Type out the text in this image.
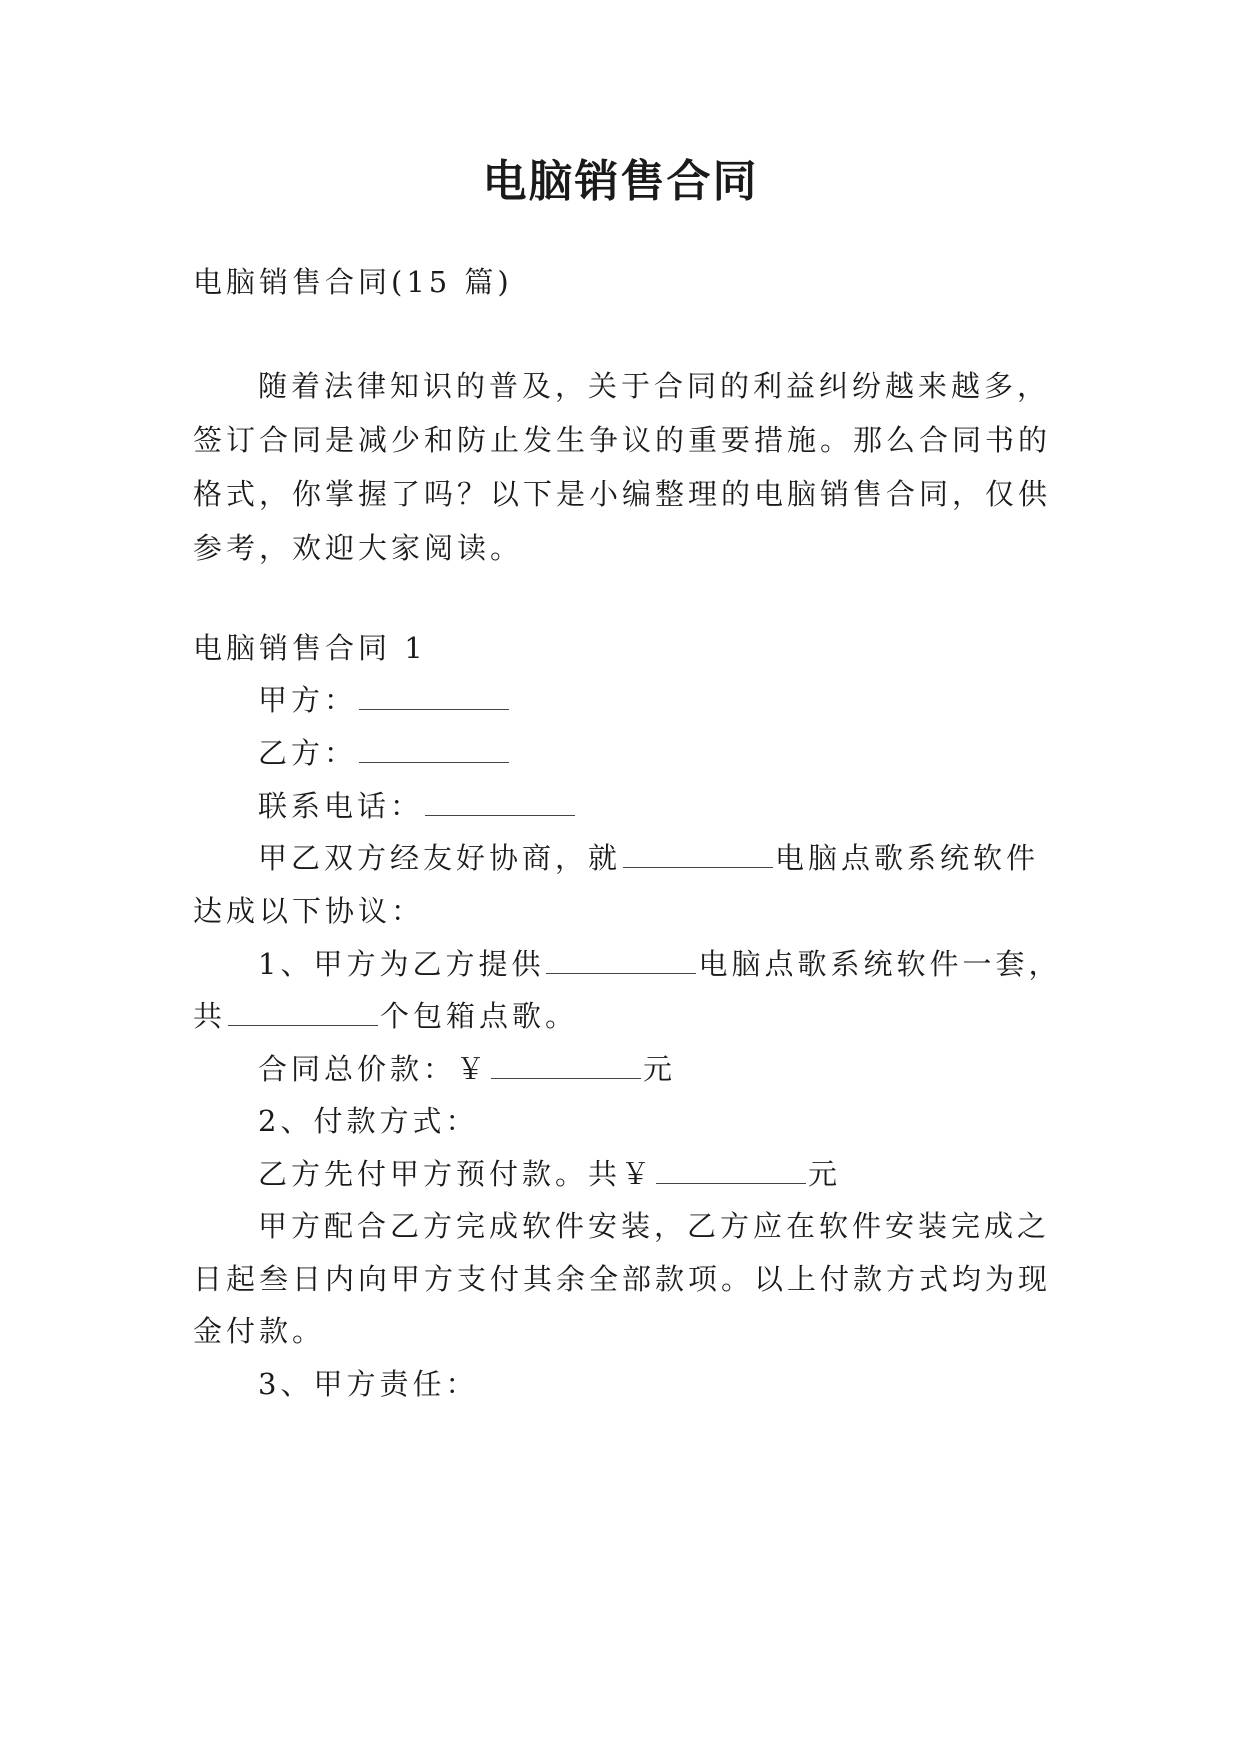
电脑销售合同
电脑销售合同(15 篇)
随着法律知识的普及，关于合同的利益纠纷越来越多，
签订合同是减少和防止发生争议的重要措施。那么合同书的
格式，你掌握了吗？以下是小编整理的电脑销售合同，仅供
参考，欢迎大家阅读。
电脑销售合同 1
甲方：
乙方：
联系电话：
甲乙双方经友好协商，就	电脑点歌系统软件
达成以下协议：
1、甲方为乙方提供	电脑点歌系统软件一套，
共	个包箱点歌。
合同总价款：￥	元
2、付款方式：
乙方先付甲方预付款。共￥	元
甲方配合乙方完成软件安装，乙方应在软件安装完成之
日起叁日内向甲方支付其余全部款项。以上付款方式均为现
金付款。
3、甲方责任：
